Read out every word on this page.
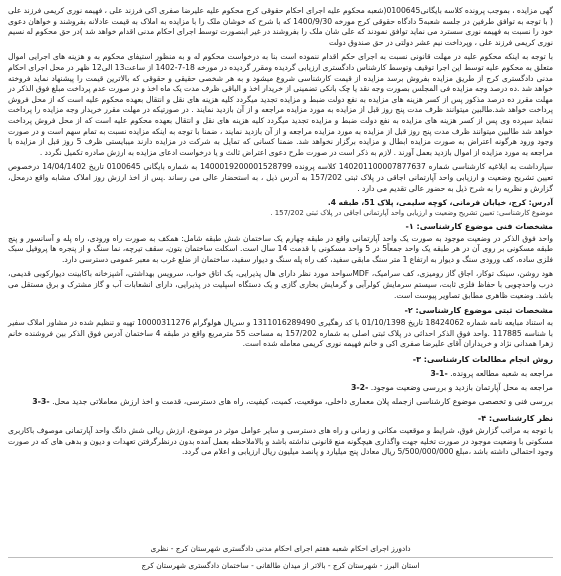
گهی مزایده ، بموجب پرونده کلاسه بایگانی0100645(شعبه محکوم علیه اجرای احکام حقوقی کرج محکوم علیه علیرضا صفری اکی فرزند علی ، فهیمه نوری کریمی فرزند علی ( با توجه به توافق طرفین در جلسه شعبه5 دادگاه حقوقی کرج مورخه 1400/9/30 که با شرح که خوشان ملک را با مزایده به املاک به قیمت عادلانه بفروشند و خواهان دعوی خود را نسبت به فهیمه نوری سسترد می نماید توافق نمودند که علی شان ملک را بفروشند در غیر ابنصورت توسط اجرای احکام مدنی اقدام خواهد شد )در حق محکوم له نسیم نوری کریمی فرزند علی ، وپرداخت نیم عشر دولتی در حق صندوق دولت

با توجه به اینکه محکوم علیه در مهلت قانونی نسبت به اجرای حکم اقدام ننموده است بنا به درخواست محکوم له و به منظور استیفای محکوم به و هزینه های اجرایی اموال متعلق به محکوم علیه توسط این اجرا توقیف وتوسط کارشناس دادگستری ارزیابی گردیده ومقرر گردیده در مورخه 18-7-1402 از ساعت13 الی12 ظهر در محل اجرای احکام مدنی دادگستری کرج از طریق مزایده بفروش برسد مزایده از قیمت کارشناسی شروع میشود و به هر شخصی حقیقی و حقوقی که بالاترین قیمت را پیشنهاد نماید فروخته خواهد شد .ده درصد وجه مزایده فی المجلس بصورت وجه نقد یا چک بانکی تضمینی از خریدار اخذ و الباقی ظرف مدت یک ماه اخذ و در صورت عدم پرداخت مبلغ فوق الذکر در مهلت مقرر ده درصد مذکور پس از کسر هزینه های مزایده به نفع دولت ضبط و مزایده تجدید میگردد کلیه هزینه های نقل و انتقال بعهده محکوم علیه است که از محل فروش پرداخت خواهد شد.طالبین میتوانند ظرف مدت پنج روز قبل از مزایده به مورد مزایده مراجعه و از آن بازدید نمایند . در صورتیکه در مهلت مقرر خریدار وجه مزایده را پرداخت ننماید سپرده وی پس از کسر هزینه های مزایده به نفع دولت ضبط و مزایده تجدید میگردد کلیه هزینه های نقل و انتقال بعهده محکوم علیه است که از محل فروش پرداخت خواهد شد طالبین میتوانند ظرف مدت پنج روز قبل از مزایده به مورد مزایده مراجعه و از آن بازدید نمایند ، ضمنا با توجه به اینکه مزایده نسبت به تمام سهم است و در صورت وجود ورود هرگونه اعتراض به صورت مزایده ابطال و مزایده برگزار نخواهد شد. ضمنا کسانی که تمایل به شرکت در مزایده دارند میبایستی ظرف 5 روز قبل از مزایده با مراجعه به مورد مزایده از اموال بازدید بعمل آورند . لازم به ذکر است در صورت طرح دعوی اعتراض ثالث و یا درخواست ادعای مزایده به ارزش صادره تکمیل نگردد .

سپارداشت به ابلاغیه کارشناسی شماره 140201100007877637 کلاسه پرونده 1400019200001528799 به شماره بایگانی 0100645 تاریخ 14/04/1402 درخصوص تعیین تشریح وضعیت و ارزیابی واحد آپارتمانی اجاقی در پلاک ثبتی 157/202 به آدرس ذیل ، به استحضار عالی می رساند .پس از اخذ ارزش روز املاک مشابه واقع درمحل، گزارش و نظریه را به شرح ذیل به حضور عالی تقدیم می دارد .

آدرس: کرج، خیابان فرمانی، کوچه سلیمی، پلاک 51، طبقه 4.

موضوع کارشناسی: تعیین تشریح وضعیت و ارزیابی واحد آپارتمانی اجاقی در پلاک ثبتی 157/202 .

مشخصات فنی موضوع کارشناسی: ۱-

واحد فوق الذکر در وضعیت موجود به صورت یک واحد آپارتمانی واقع در طبقه چهارم یک ساختمان شش طبقه شامل: همکف به صورت راه ورودی، راه پله و آسانسور و پنج طبقه مسکونی بر روی آن در هر طبقه یک واحد جمعاً5 در 5 واحد مسکونی با قدمت 14 سال است. اسکلت ساختمان بتون، سقف تیرچه، نما سنگ و از پنجره ها پروفیل سبک فلزی ساده، کف ورودی سنگ و دیوار به ارتفاع 1 متر سنگ مابقی سفید، کف راه پله سنگ و دیوار سفید، ساختمان از ضلع غرب به معبر عمومی دسترسی دارد.

هود روشن، سینک توکار، اجاق گاز رومیزی، کف سرامیک، MDFسواحد مورد نظر دارای هال پذیرایی، یک اتاق خواب، سرویس بهداشتی، آشپزخانه باکابینت دیوارکوبی قدیمی، درب واحدچوبی با حفاظ فلزی ثابت، سیستم سرمایش کولرآبی و گرمایش بخاری گازی و یک دستگاه اسپلیت در پذیرایی، دارای انشعابات آب و گاز مشترک و برق مستقل می باشد. وضعیت ظاهری مطابق تصاویر پیوست است.

مشخصات ثبتی موضوع کارشناسی: ۲-

به استناد مبایعه نامه شماره 18424062 تاریخ 01/10/1398 با کد رهگیری 1311016289490 و سریال هولوگرام 10000311276 تهیه و تنظیم شده در مشاور املاک سفیر با شناسه 117885 .واحد فوق الذکر احداثی در پلاک ثبتی اصلی به شماره 157/202 به مساحت 55 مترمربع واقع در طبقه 4 ساختمان آدرس فوق الذکر بین فروشنده خانم زهرا همدانی نژاد و خریداران آقای علیرضا صفری اکی و خانم فهیمه نوری کریمی معامله شده است.

روش انجام مطالعات کارشناسی: ۳-

مراجعه به شعبه مطالعه پرونده. -1-3
مراجعه به محل آپارتمان بازدید و بررسی وضعیت موجود. -2-3
بررسی فنی و تخصصی موضوع کارشناسی ازجمله پلان معماری داخلی، موقعیت، کمیت، کیفیت، راه های دسترسی، قدمت و اخذ ارزش معاملاتی جدید محل. -3-3

نظر کارشناسی: ۴-

با توجه به مراتب گزارش فوق، شرایط و موقعیت مکانی و زمانی و راه های دسترسی و سایر عوامل موثر در موضوع، ارزش ریالی شش دانگ واحد آپارتمانی موصوف باکاربری مسکونی با وضعیت موجود در صورت تخلیه جهت واگذاری هیچگونه منع قانونی نداشته باشد و بالاملاحظه بعمل آمده بدون درنظرگرفتن تعهدات و دیون و بدهی های که در صورت وجود احتمالی داشته باشد ،مبلغ 5/500/000/000 ریال معادل پنج میلیارد و پانصد میلیون ریال ارزیابی و اعلام می گردد.

دادورز اجرای احکام شعبه هفتم اجرای احکام مدنی دادگستری شهرستان کرج - نظری

استان البرز - شهرستان کرج - بالاتر از میدان طالقانی - ساختمان دادگستری شهرستان کرج
